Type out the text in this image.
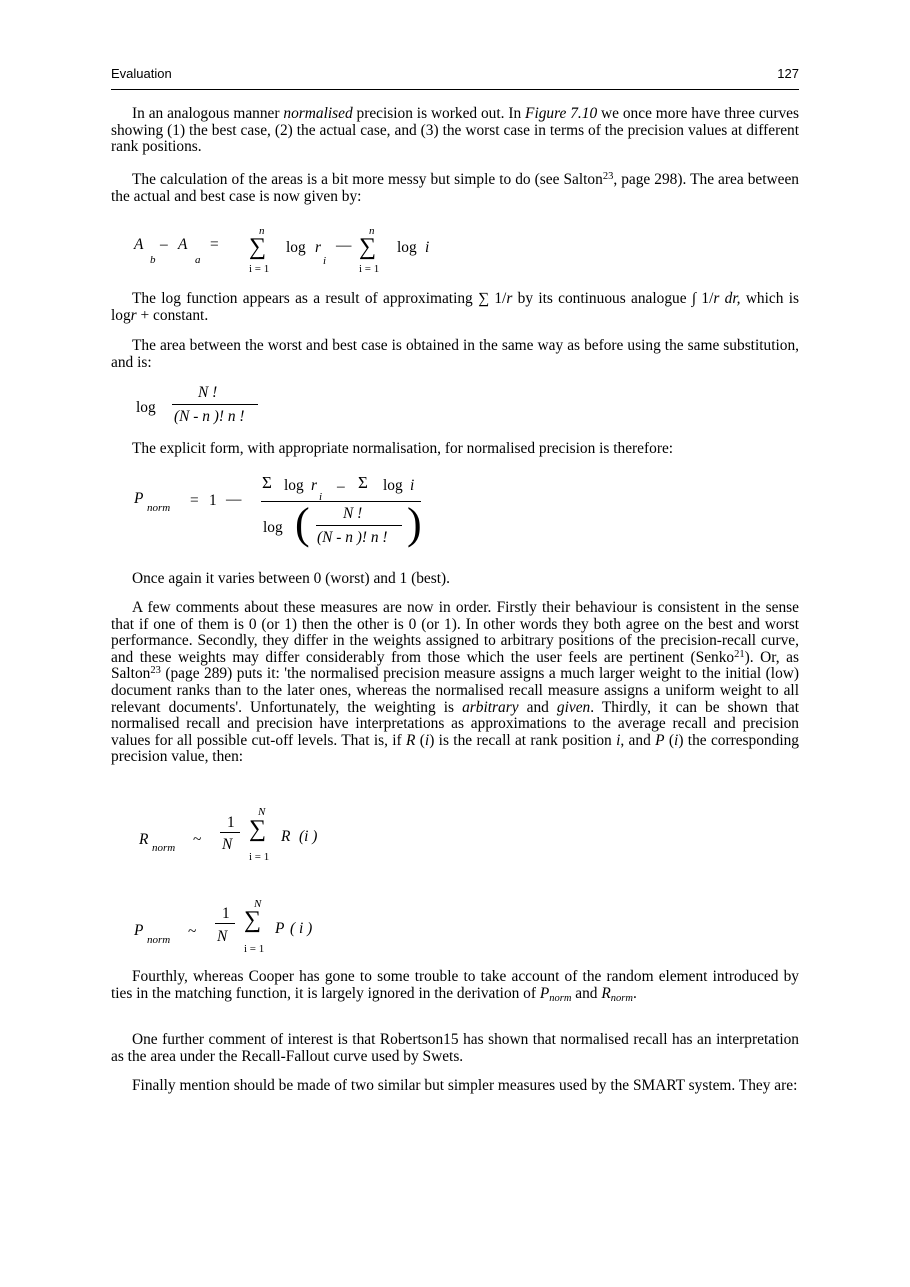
Evaluation	127
In an analogous manner normalised precision is worked out. In Figure 7.10 we once more have three curves showing (1) the best case, (2) the actual case, and (3) the worst case in terms of the precision values at different rank positions.
The calculation of the areas is a bit more messy but simple to do (see Salton$^{23}$, page 298). The area between the actual and best case is now given by:
A
b
– A
a
=
n
∑
i = 1
log r
i
—
n
∑
i = 1
log i
The log function appears as a result of approximating ∑ 1/r by its continuous analogue ∫ 1/r dr, which is logr + constant.
The area between the worst and best case is obtained in the same way as before using the same substitution, and is:
log
N !
(N - n )! n !
The explicit form, with appropriate normalisation, for normalised precision is therefore:
P
norm = 1 —
Σ log r
i
– Σ log i
log ( N !
(N - n )! n ! )
Once again it varies between 0 (worst) and 1 (best).
A few comments about these measures are now in order. Firstly their behaviour is consistent in the sense that if one of them is 0 (or 1) then the other is 0 (or 1). In other words they both agree on the best and worst performance. Secondly, they differ in the weights assigned to arbitrary positions of the precision-recall curve, and these weights may differ considerably from those which the user feels are pertinent (Senko$^{21}$). Or, as Salton$^{23}$ (page 289) puts it: 'the normalised precision measure assigns a much larger weight to the initial (low) document ranks than to the later ones, whereas the normalised recall measure assigns a uniform weight to all relevant documents'. Unfortunately, the weighting is arbitrary and given. Thirdly, it can be shown that normalised recall and precision have interpretations as approximations to the average recall and precision values for all possible cut-off levels. That is, if R (i) is the recall at rank position i, and P (i) the corresponding precision value, then:
R norm ~
1
N
N
∑
i = 1
R (i )
P
norm ~
1
N
N
∑
i = 1
P ( i )
Fourthly, whereas Cooper has gone to some trouble to take account of the random element introduced by ties in the matching function, it is largely ignored in the derivation of $P_{norm}$ and $R_{norm}$.
One further comment of interest is that Robertson15 has shown that normalised recall has an interpretation as the area under the Recall-Fallout curve used by Swets.
Finally mention should be made of two similar but simpler measures used by the SMART system. They are:
